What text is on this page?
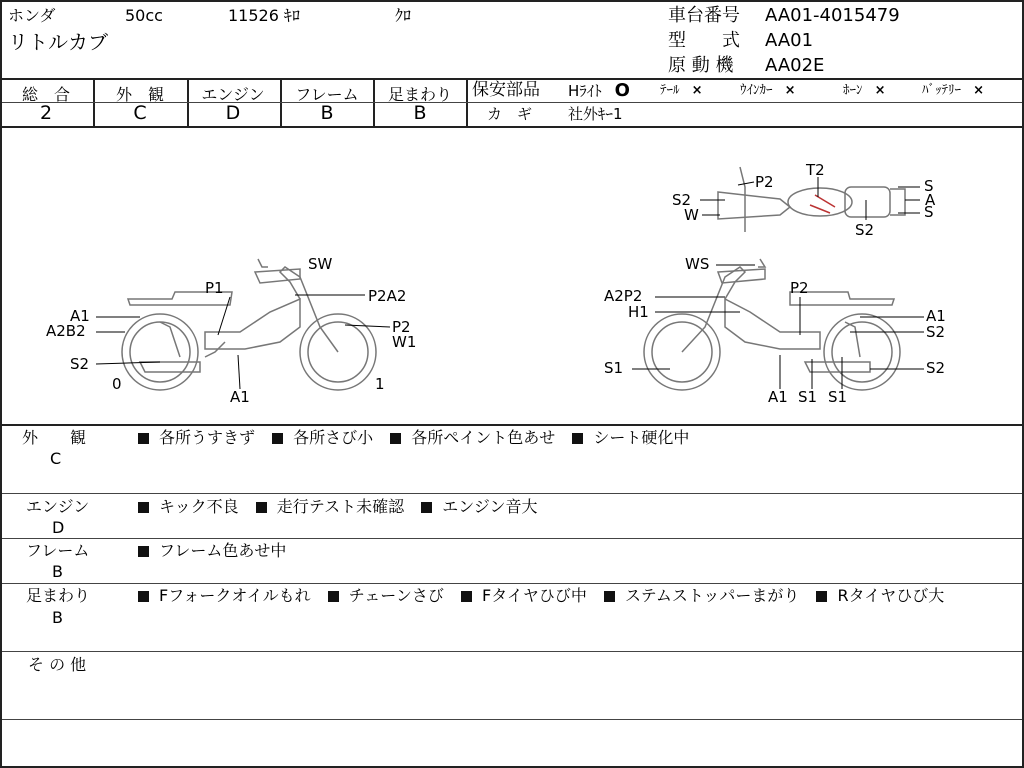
ホンダ	50cc	11526 ｷﾛ	ｸﾛ
リトルカブ
車台番号 AA01-4015479
型　　式 AA01
原 動 機 AA02E
総　合
2
外　観
C
エンジン
D
フレーム
B
足まわり
B
保安部品 Hﾗｲﾄ O ﾃｰﾙ ×	ｳｲﾝｶｰ ×	ﾎｰﾝ ×	ﾊﾞｯﾃﾘｰ ×
カ　ギ 社外ｷｰ1
P2
T2
S2
W
S
A
S
S2
SW
P1	P2A2
A1
A2B2	P2
W1
S2
0	1
A1
WS
A2P2	P2
H1	A1
S2
S1	S2
A1 S1 S1
外　　観
C
各所うすきず 各所さび小 各所ペイント色あせ シート硬化中
エンジン
D
キック不良 走行テスト未確認 エンジン音大
フレーム
B
フレーム色あせ中
足まわり
B
Fフォークオイルもれ チェーンさび Fタイヤひび中 ステムストッパーまがり Rタイヤひび大
そ の 他
